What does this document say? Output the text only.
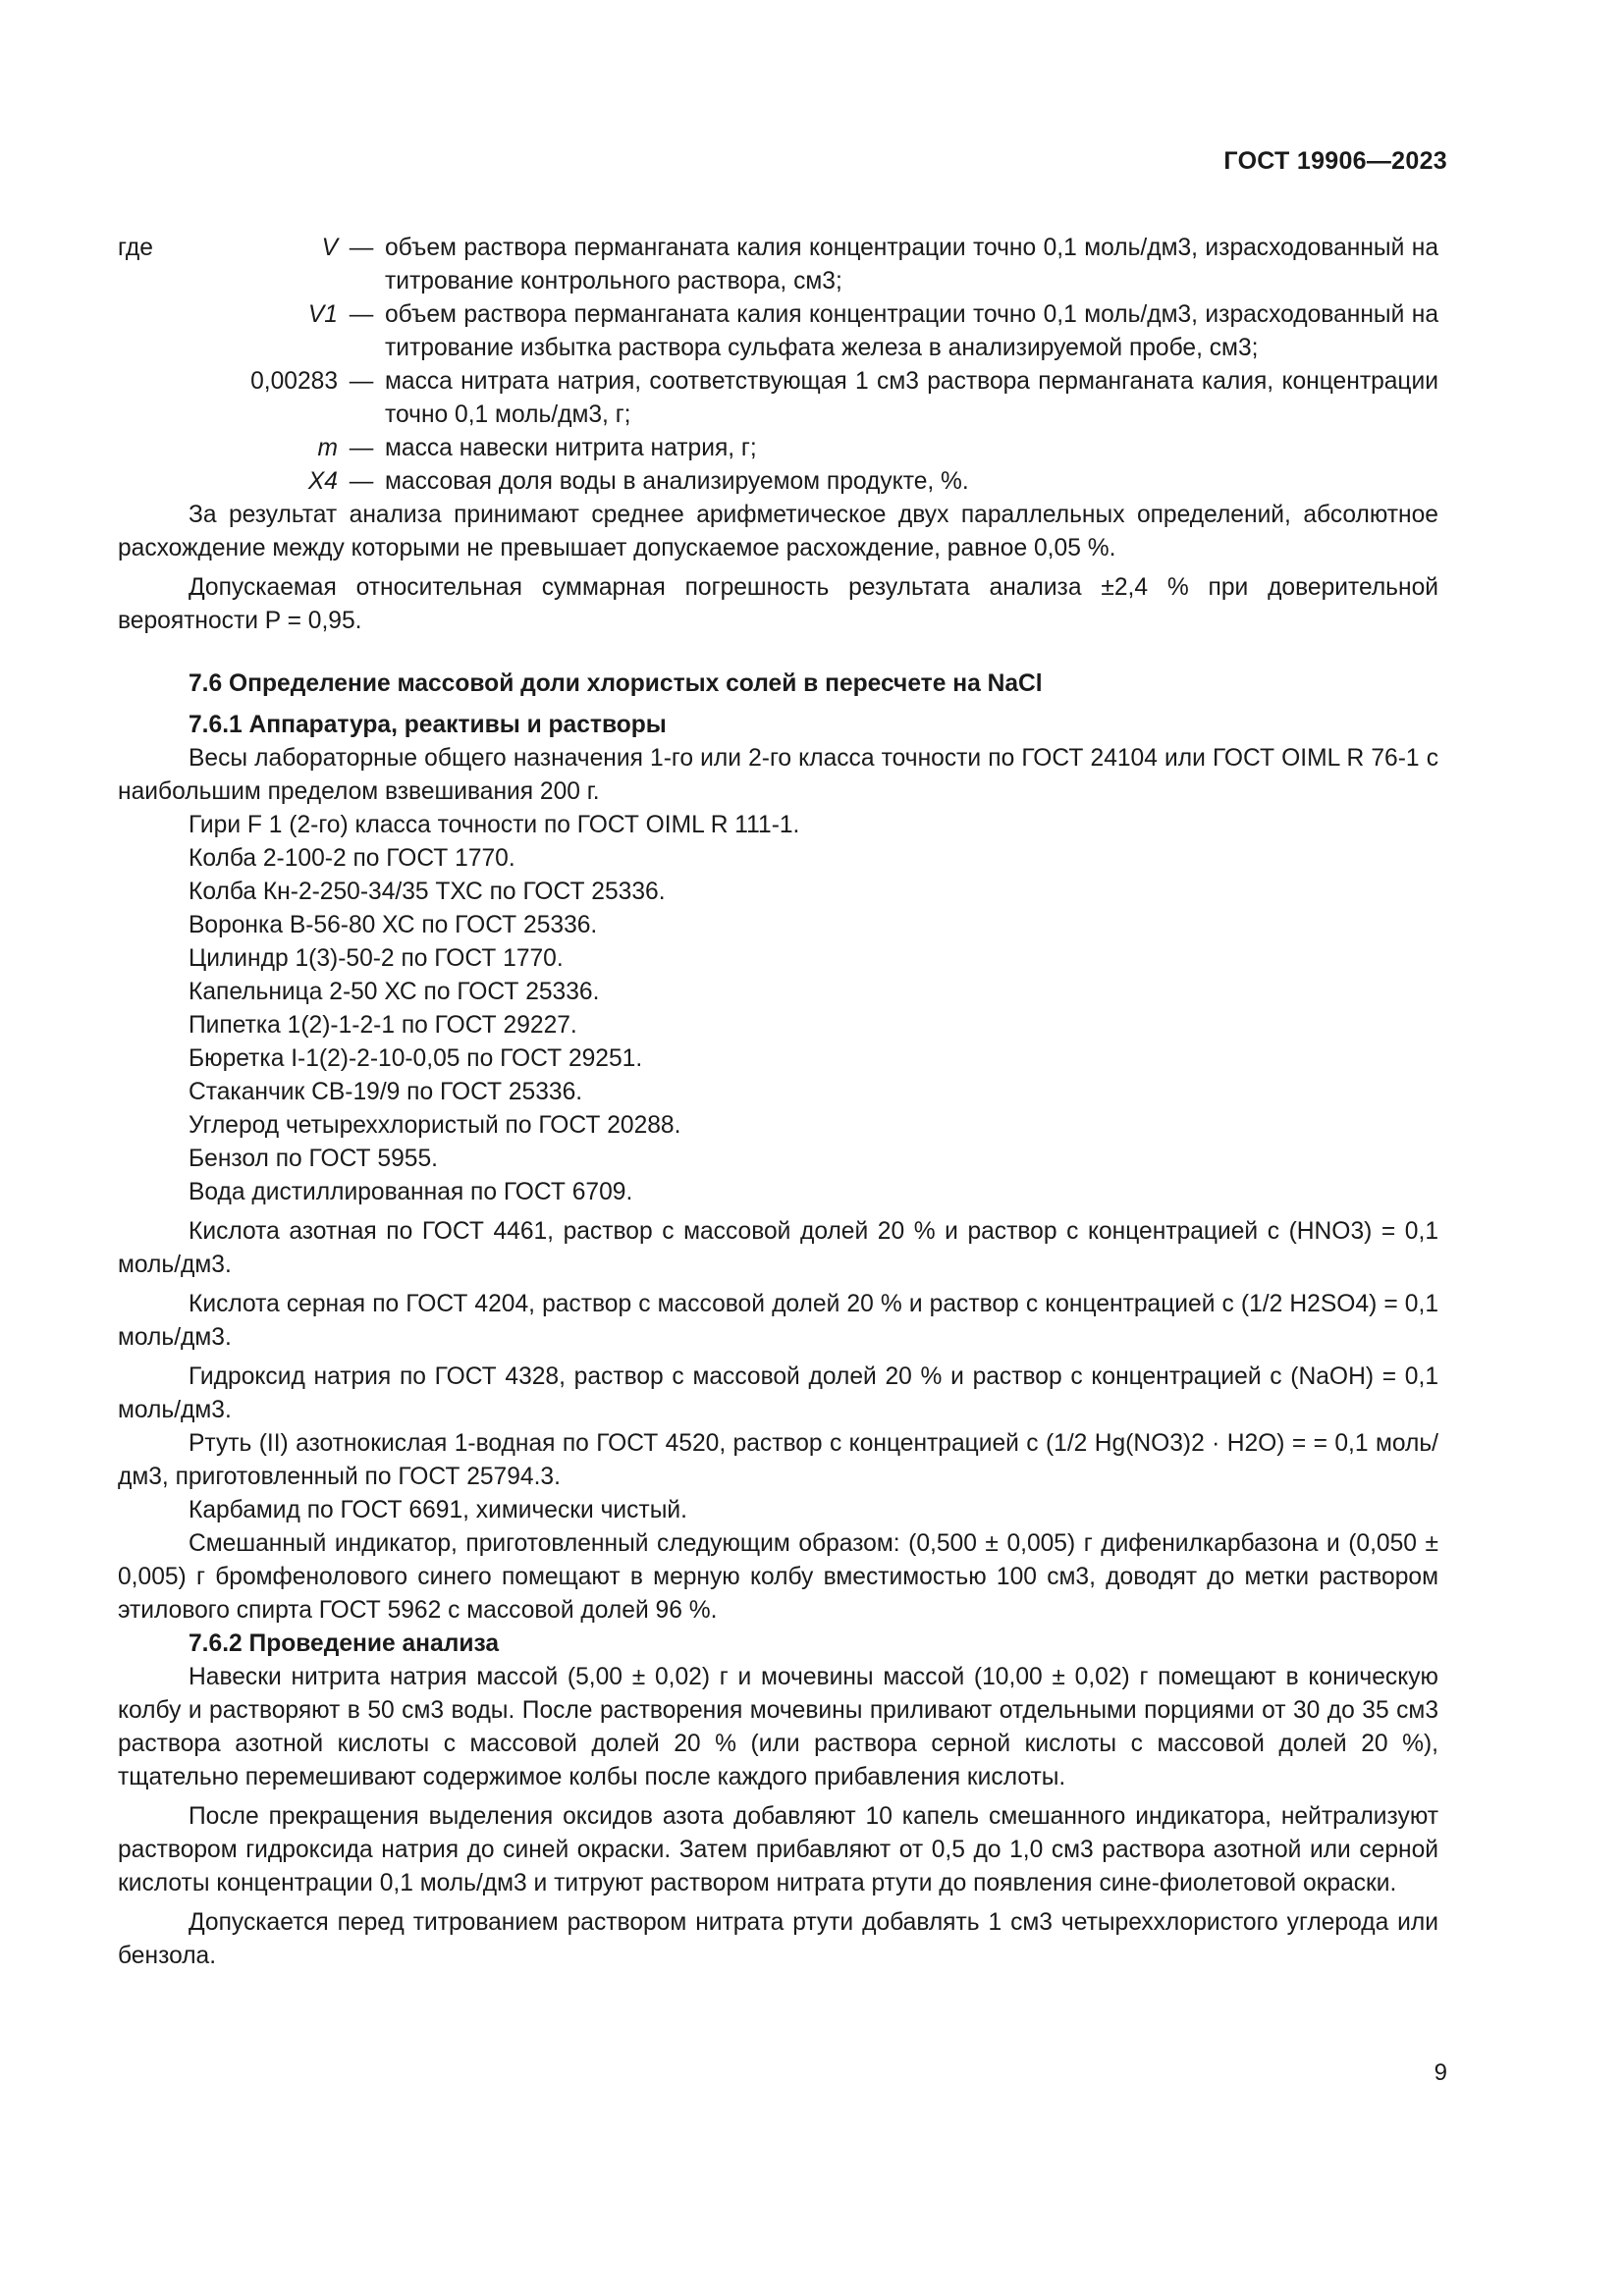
ГОСТ 19906—2023
где	V — объем раствора перманганата калия концентрации точно 0,1 моль/дм3, израсходованный на титрование контрольного раствора, см3;
V1 — объем раствора перманганата калия концентрации точно 0,1 моль/дм3, израсходованный на титрование избытка раствора сульфата железа в анализируемой пробе, см3;
0,00283 — масса нитрата натрия, соответствующая 1 см3 раствора перманганата калия, концентрации точно 0,1 моль/дм3, г;
m — масса навески нитрита натрия, г;
X4 — массовая доля воды в анализируемом продукте, %.

За результат анализа принимают среднее арифметическое двух параллельных определений, абсолютное расхождение между которыми не превышает допускаемое расхождение, равное 0,05 %.

Допускаемая относительная суммарная погрешность результата анализа ±2,4 % при доверительной вероятности P = 0,95.

7.6 Определение массовой доли хлористых солей в пересчете на NaCl
7.6.1 Аппаратура, реактивы и растворы

Весы лабораторные общего назначения 1-го или 2-го класса точности по ГОСТ 24104 или ГОСТ OIML R 76-1 с наибольшим пределом взвешивания 200 г.

Гири F 1 (2-го) класса точности по ГОСТ OIML R 111-1.
Колба 2-100-2 по ГОСТ 1770.
Колба Кн-2-250-34/35 ТХС по ГОСТ 25336.
Воронка В-56-80 ХС по ГОСТ 25336.
Цилиндр 1(3)-50-2 по ГОСТ 1770.
Капельница 2-50 ХС по ГОСТ 25336.
Пипетка 1(2)-1-2-1 по ГОСТ 29227.
Бюретка I-1(2)-2-10-0,05 по ГОСТ 29251.
Стаканчик СВ-19/9 по ГОСТ 25336.
Углерод четыреххлористый по ГОСТ 20288.
Бензол по ГОСТ 5955.
Вода дистиллированная по ГОСТ 6709.

Кислота азотная по ГОСТ 4461, раствор с массовой долей 20 % и раствор с концентрацией c (HNO3) = 0,1 моль/дм3.

Кислота серная по ГОСТ 4204, раствор с массовой долей 20 % и раствор с концентрацией c (1/2 H2SO4) = 0,1 моль/дм3.

Гидроксид натрия по ГОСТ 4328, раствор с массовой долей 20 % и раствор с концентрацией c (NaOH) = 0,1 моль/дм3.

Ртуть (II) азотнокислая 1-водная по ГОСТ 4520, раствор с концентрацией c (1/2 Hg(NO3)2 · H2O) = = 0,1 моль/дм3, приготовленный по ГОСТ 25794.3.

Карбамид по ГОСТ 6691, химически чистый.

Смешанный индикатор, приготовленный следующим образом: (0,500 ± 0,005) г дифенилкарбазона и (0,050 ± 0,005) г бромфенолового синего помещают в мерную колбу вместимостью 100 см3, доводят до метки раствором этилового спирта ГОСТ 5962 с массовой долей 96 %.

7.6.2 Проведение анализа

Навески нитрита натрия массой (5,00 ± 0,02) г и мочевины массой (10,00 ± 0,02) г помещают в коническую колбу и растворяют в 50 см3 воды. После растворения мочевины приливают отдельными порциями от 30 до 35 см3 раствора азотной кислоты с массовой долей 20 % (или раствора серной кислоты с массовой долей 20 %), тщательно перемешивают содержимое колбы после каждого прибавления кислоты.

После прекращения выделения оксидов азота добавляют 10 капель смешанного индикатора, нейтрализуют раствором гидроксида натрия до синей окраски. Затем прибавляют от 0,5 до 1,0 см3 раствора азотной или серной кислоты концентрации 0,1 моль/дм3 и титруют раствором нитрата ртути до появления сине-фиолетовой окраски.

Допускается перед титрованием раствором нитрата ртути добавлять 1 см3 четыреххлористого углерода или бензола.

9
